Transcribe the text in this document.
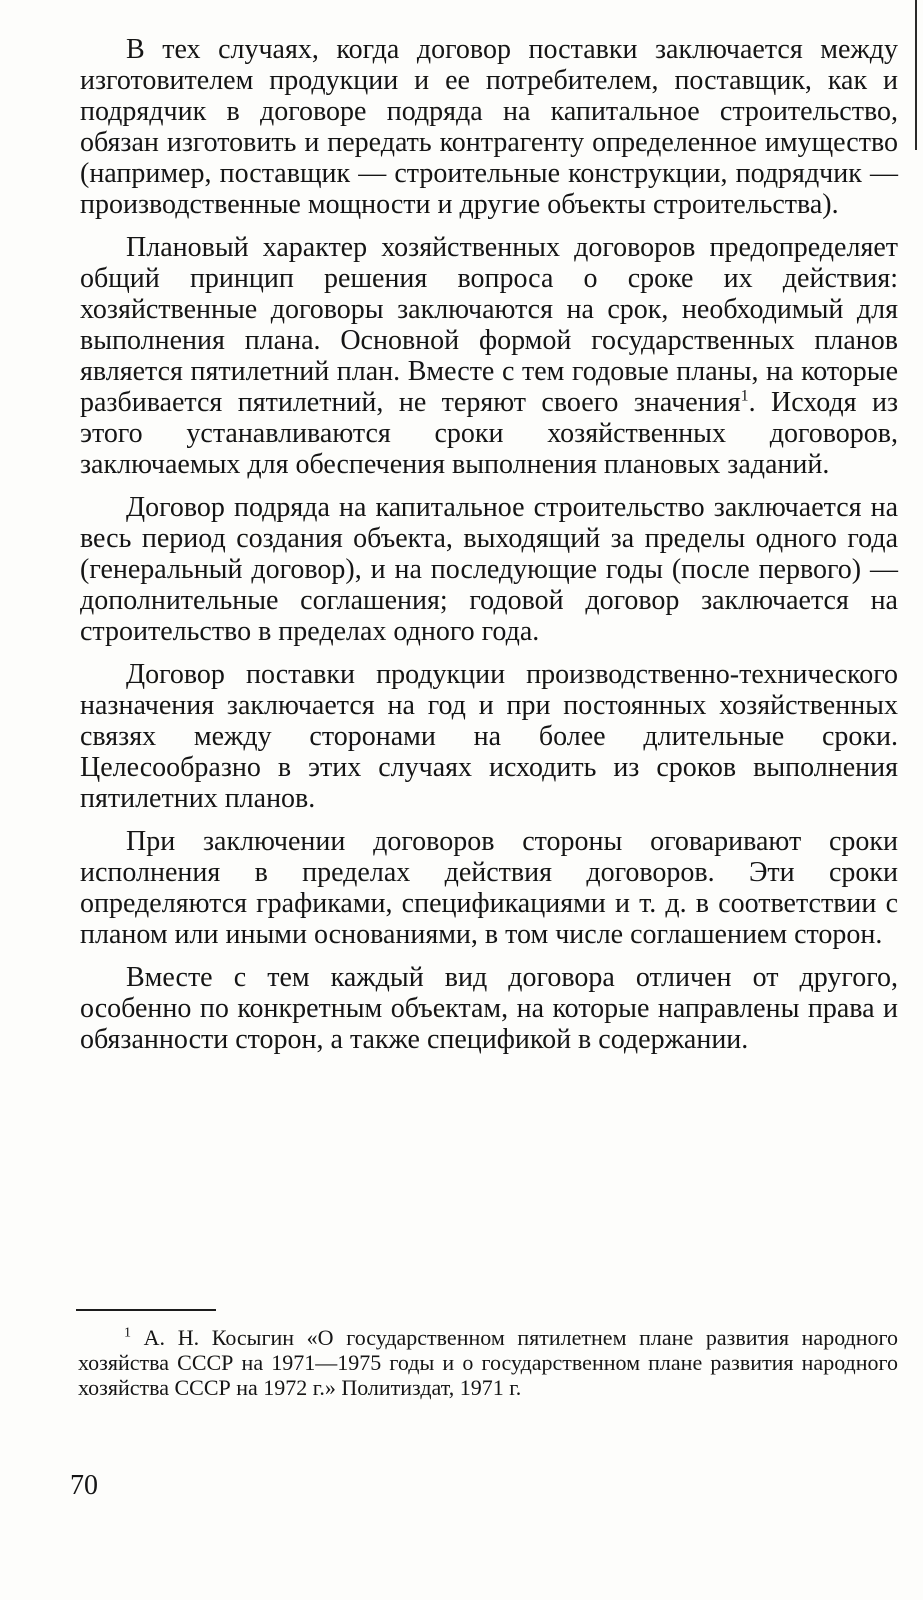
В тех случаях, когда договор поставки заключается между изготовителем продукции и ее потребителем, поставщик, как и подрядчик в договоре подряда на капитальное строительство, обязан изготовить и передать контрагенту определенное имущество (например, поставщик — строительные конструкции, подрядчик — производственные мощности и другие объекты строительства).

Плановый характер хозяйственных договоров предопределяет общий принцип решения вопроса о сроке их действия: хозяйственные договоры заключаются на срок, необходимый для выполнения плана. Основной формой государственных планов является пятилетний план. Вместе с тем годовые планы, на которые разбивается пятилетний, не теряют своего значения$^1$. Исходя из этого устанавливаются сроки хозяйственных договоров, заключаемых для обеспечения выполнения плановых заданий.

Договор подряда на капитальное строительство заключается на весь период создания объекта, выходящий за пределы одного года (генеральный договор), и на последующие годы (после первого) — дополнительные соглашения; годовой договор заключается на строительство в пределах одного года.

Договор поставки продукции производственно-технического назначения заключается на год и при постоянных хозяйственных связях между сторонами на более длительные сроки. Целесообразно в этих случаях исходить из сроков выполнения пятилетних планов.

При заключении договоров стороны оговаривают сроки исполнения в пределах действия договоров. Эти сроки определяются графиками, спецификациями и т. д. в соответствии с планом или иными основаниями, в том числе соглашением сторон.

Вместе с тем каждый вид договора отличен от другого, особенно по конкретным объектам, на которые направлены права и обязанности сторон, а также спецификой в содержании.

$^1$ А. Н. Косыгин «О государственном пятилетнем плане развития народного хозяйства СССР на 1971—1975 годы и о государственном плане развития народного хозяйства СССР на 1972 г.» Политиздат, 1971 г.
70
